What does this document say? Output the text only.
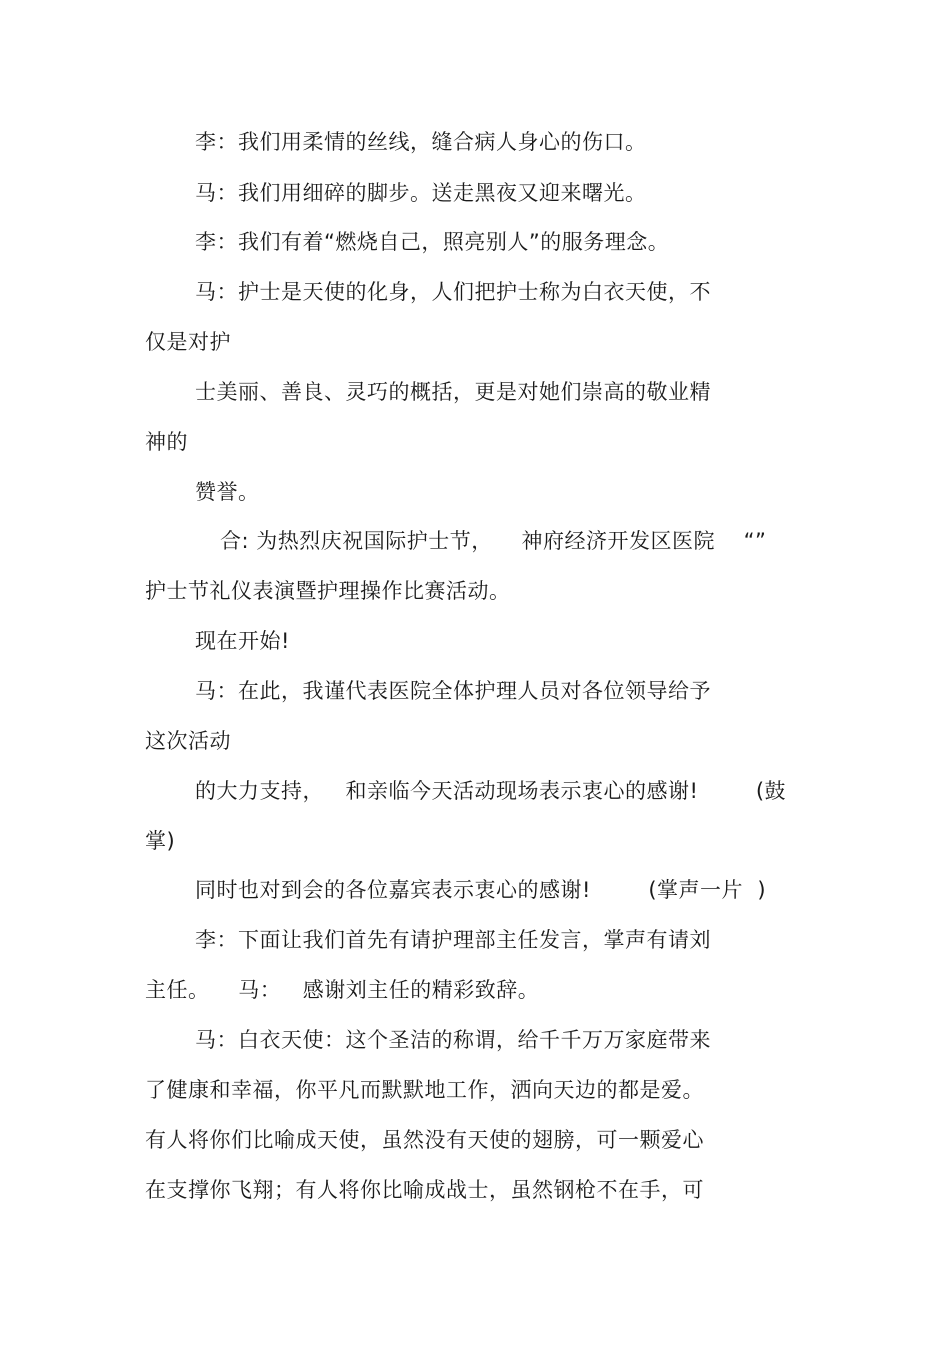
李：我们用柔情的丝线，缝合病人身心的伤口。
马：我们用细碎的脚步。送走黑夜又迎来曙光。
李：我们有着“燃烧自己，照亮别人”的服务理念。
马：护士是天使的化身，人们把护士称为白衣天使，不
仅是对护
士美丽、善良、灵巧的概括，更是对她们崇高的敬业精
神的
赞誉。
合: 为热烈庆祝国际护士节，    神府经济开发区医院    “”
护士节礼仪表演暨护理操作比赛活动。
现在开始!
马：在此，我谨代表医院全体护理人员对各位领导给予
这次活动
的大力支持，   和亲临今天活动现场表示衷心的感谢!        (鼓
掌)
同时也对到会的各位嘉宾表示衷心的感谢!        (掌声一片  )
李：下面让我们首先有请护理部主任发言，掌声有请刘
主任。    马：   感谢刘主任的精彩致辞。
马：白衣天使：这个圣洁的称谓，给千千万万家庭带来
了健康和幸福，你平凡而默默地工作，洒向天边的都是爱。
有人将你们比喻成天使，虽然没有天使的翅膀，可一颗爱心
在支撑你飞翔；有人将你比喻成战士，虽然钢枪不在手，可
